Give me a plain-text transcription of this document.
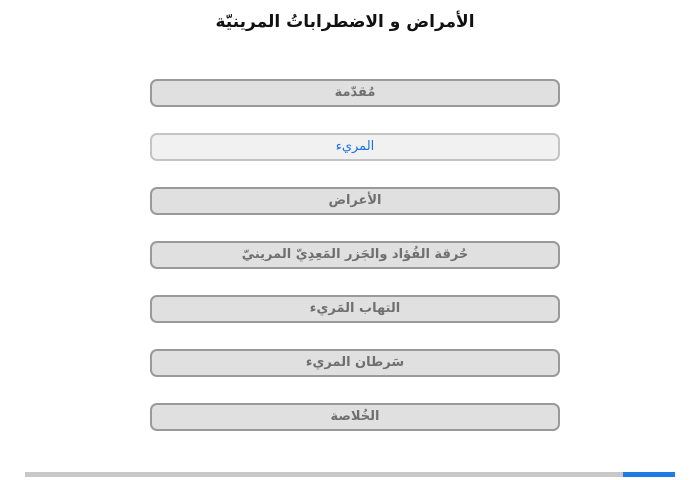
الأمراض و الاضطراباتُ المرينيّة
مُقدّمة
المريء
الأعراض
حُرقة الفُؤاد والجَزر المَعِدِيّ المرينيّ
التهاب المَريء
سَرطان المريء
الخُلاصة
